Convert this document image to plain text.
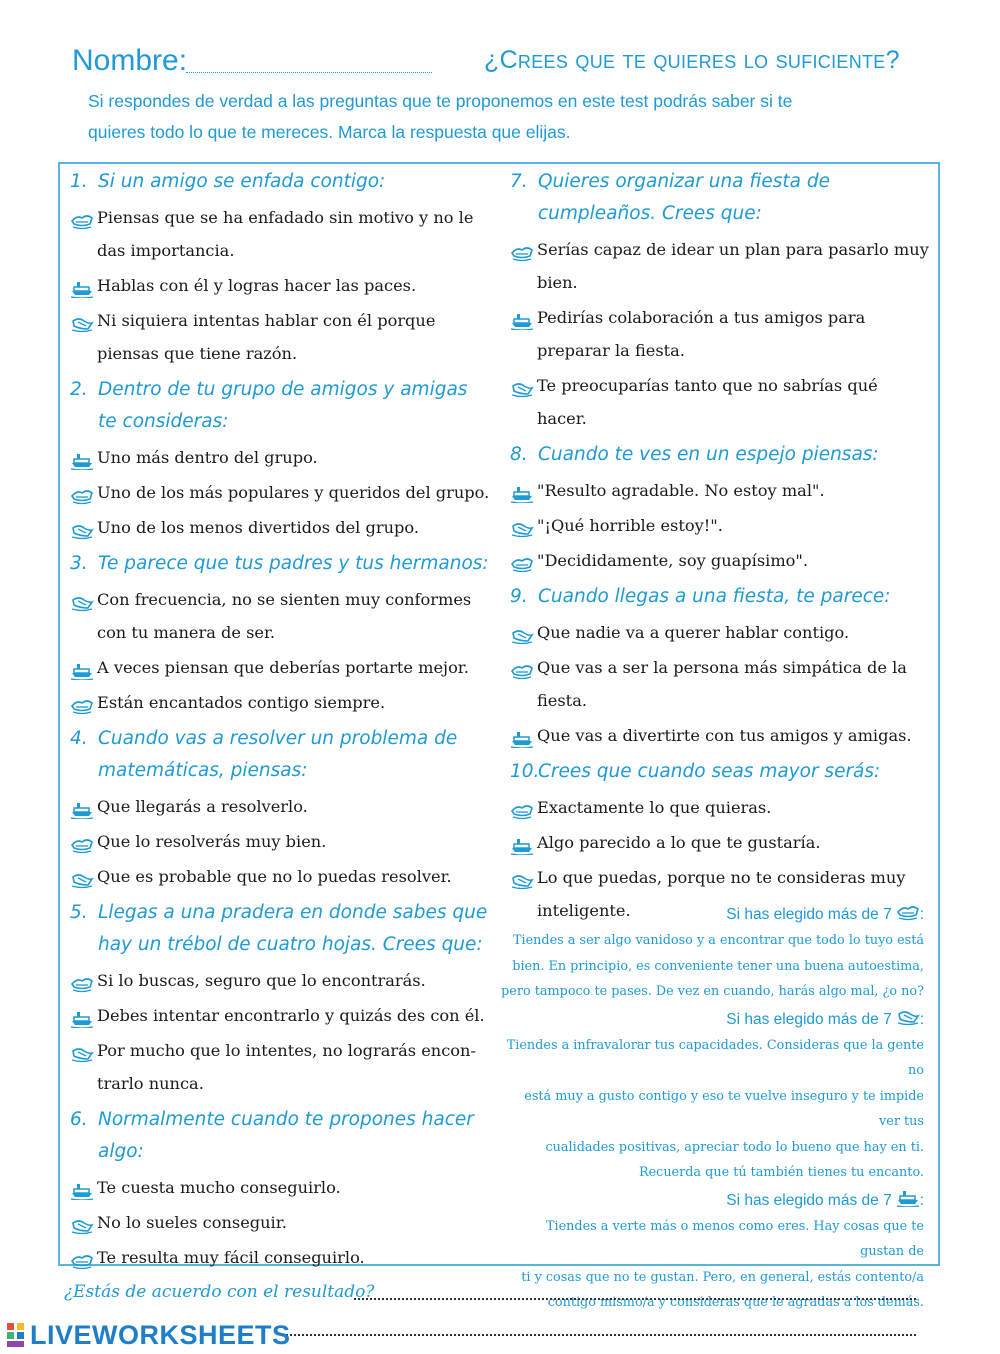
Nombre:	¿Crees que te quieres lo suficiente?
Si respondes de verdad a las preguntas que te proponemos en este test podrás saber si te
quieres todo lo que te mereces. Marca la respuesta que elijas.
1. Si un amigo se enfada contigo:
Piensas que se ha enfadado sin motivo y no le das importancia.
Hablas con él y logras hacer las paces.
Ni siquiera intentas hablar con él porque piensas que tiene razón.
2. Dentro de tu grupo de amigos y amigas te consideras:
Uno más dentro del grupo.
Uno de los más populares y queridos del grupo.
Uno de los menos divertidos del grupo.
3. Te parece que tus padres y tus hermanos:
Con frecuencia, no se sienten muy conformes con tu manera de ser.
A veces piensan que deberías portarte mejor.
Están encantados contigo siempre.
4. Cuando vas a resolver un problema de matemáticas, piensas:
Que llegarás a resolverlo.
Que lo resolverás muy bien.
Que es probable que no lo puedas resolver.
5. Llegas a una pradera en donde sabes que hay un trébol de cuatro hojas. Crees que:
Si lo buscas, seguro que lo encontrarás.
Debes intentar encontrarlo y quizás des con él.
Por mucho que lo intentes, no lograrás encon-trarlo nunca.
6. Normalmente cuando te propones hacer algo:
Te cuesta mucho conseguirlo.
No lo sueles conseguir.
Te resulta muy fácil conseguirlo.
7. Quieres organizar una fiesta de cumpleaños. Crees que:
Serías capaz de idear un plan para pasarlo muy bien.
Pedirías colaboración a tus amigos para preparar la fiesta.
Te preocuparías tanto que no sabrías qué hacer.
8. Cuando te ves en un espejo piensas:
"Resulto agradable. No estoy mal".
"¡Qué horrible estoy!".
"Decididamente, soy guapísimo".
9. Cuando llegas a una fiesta, te parece:
Que nadie va a querer hablar contigo.
Que vas a ser la persona más simpática de la fiesta.
Que vas a divertirte con tus amigos y amigas.
10.Crees que cuando seas mayor serás:
Exactamente lo que quieras.
Algo parecido a lo que te gustaría.
Lo que puedas, porque no te consideras muy inteligente.	Si has elegido más de 7 :
Tiendes a ser algo vanidoso y a encontrar que todo lo tuyo está
bien. En principio, es conveniente tener una buena autoestima,
pero tampoco te pases. De vez en cuando, harás algo mal, ¿o no?
Si has elegido más de 7 :
Tiendes a infravalorar tus capacidades. Consideras que la gente no
está muy a gusto contigo y eso te vuelve inseguro y te impide ver tus
cualidades positivas, apreciar todo lo bueno que hay en ti.
Recuerda que tú también tienes tu encanto.
Si has elegido más de 7 :
Tiendes a verte más o menos como eres. Hay cosas que te gustan de
ti y cosas que no te gustan. Pero, en general, estás contento/a
contigo mismo/a y consideras que le agradas a los demás.
¿Estás de acuerdo con el resultado?
LIVEWORKSHEETS
